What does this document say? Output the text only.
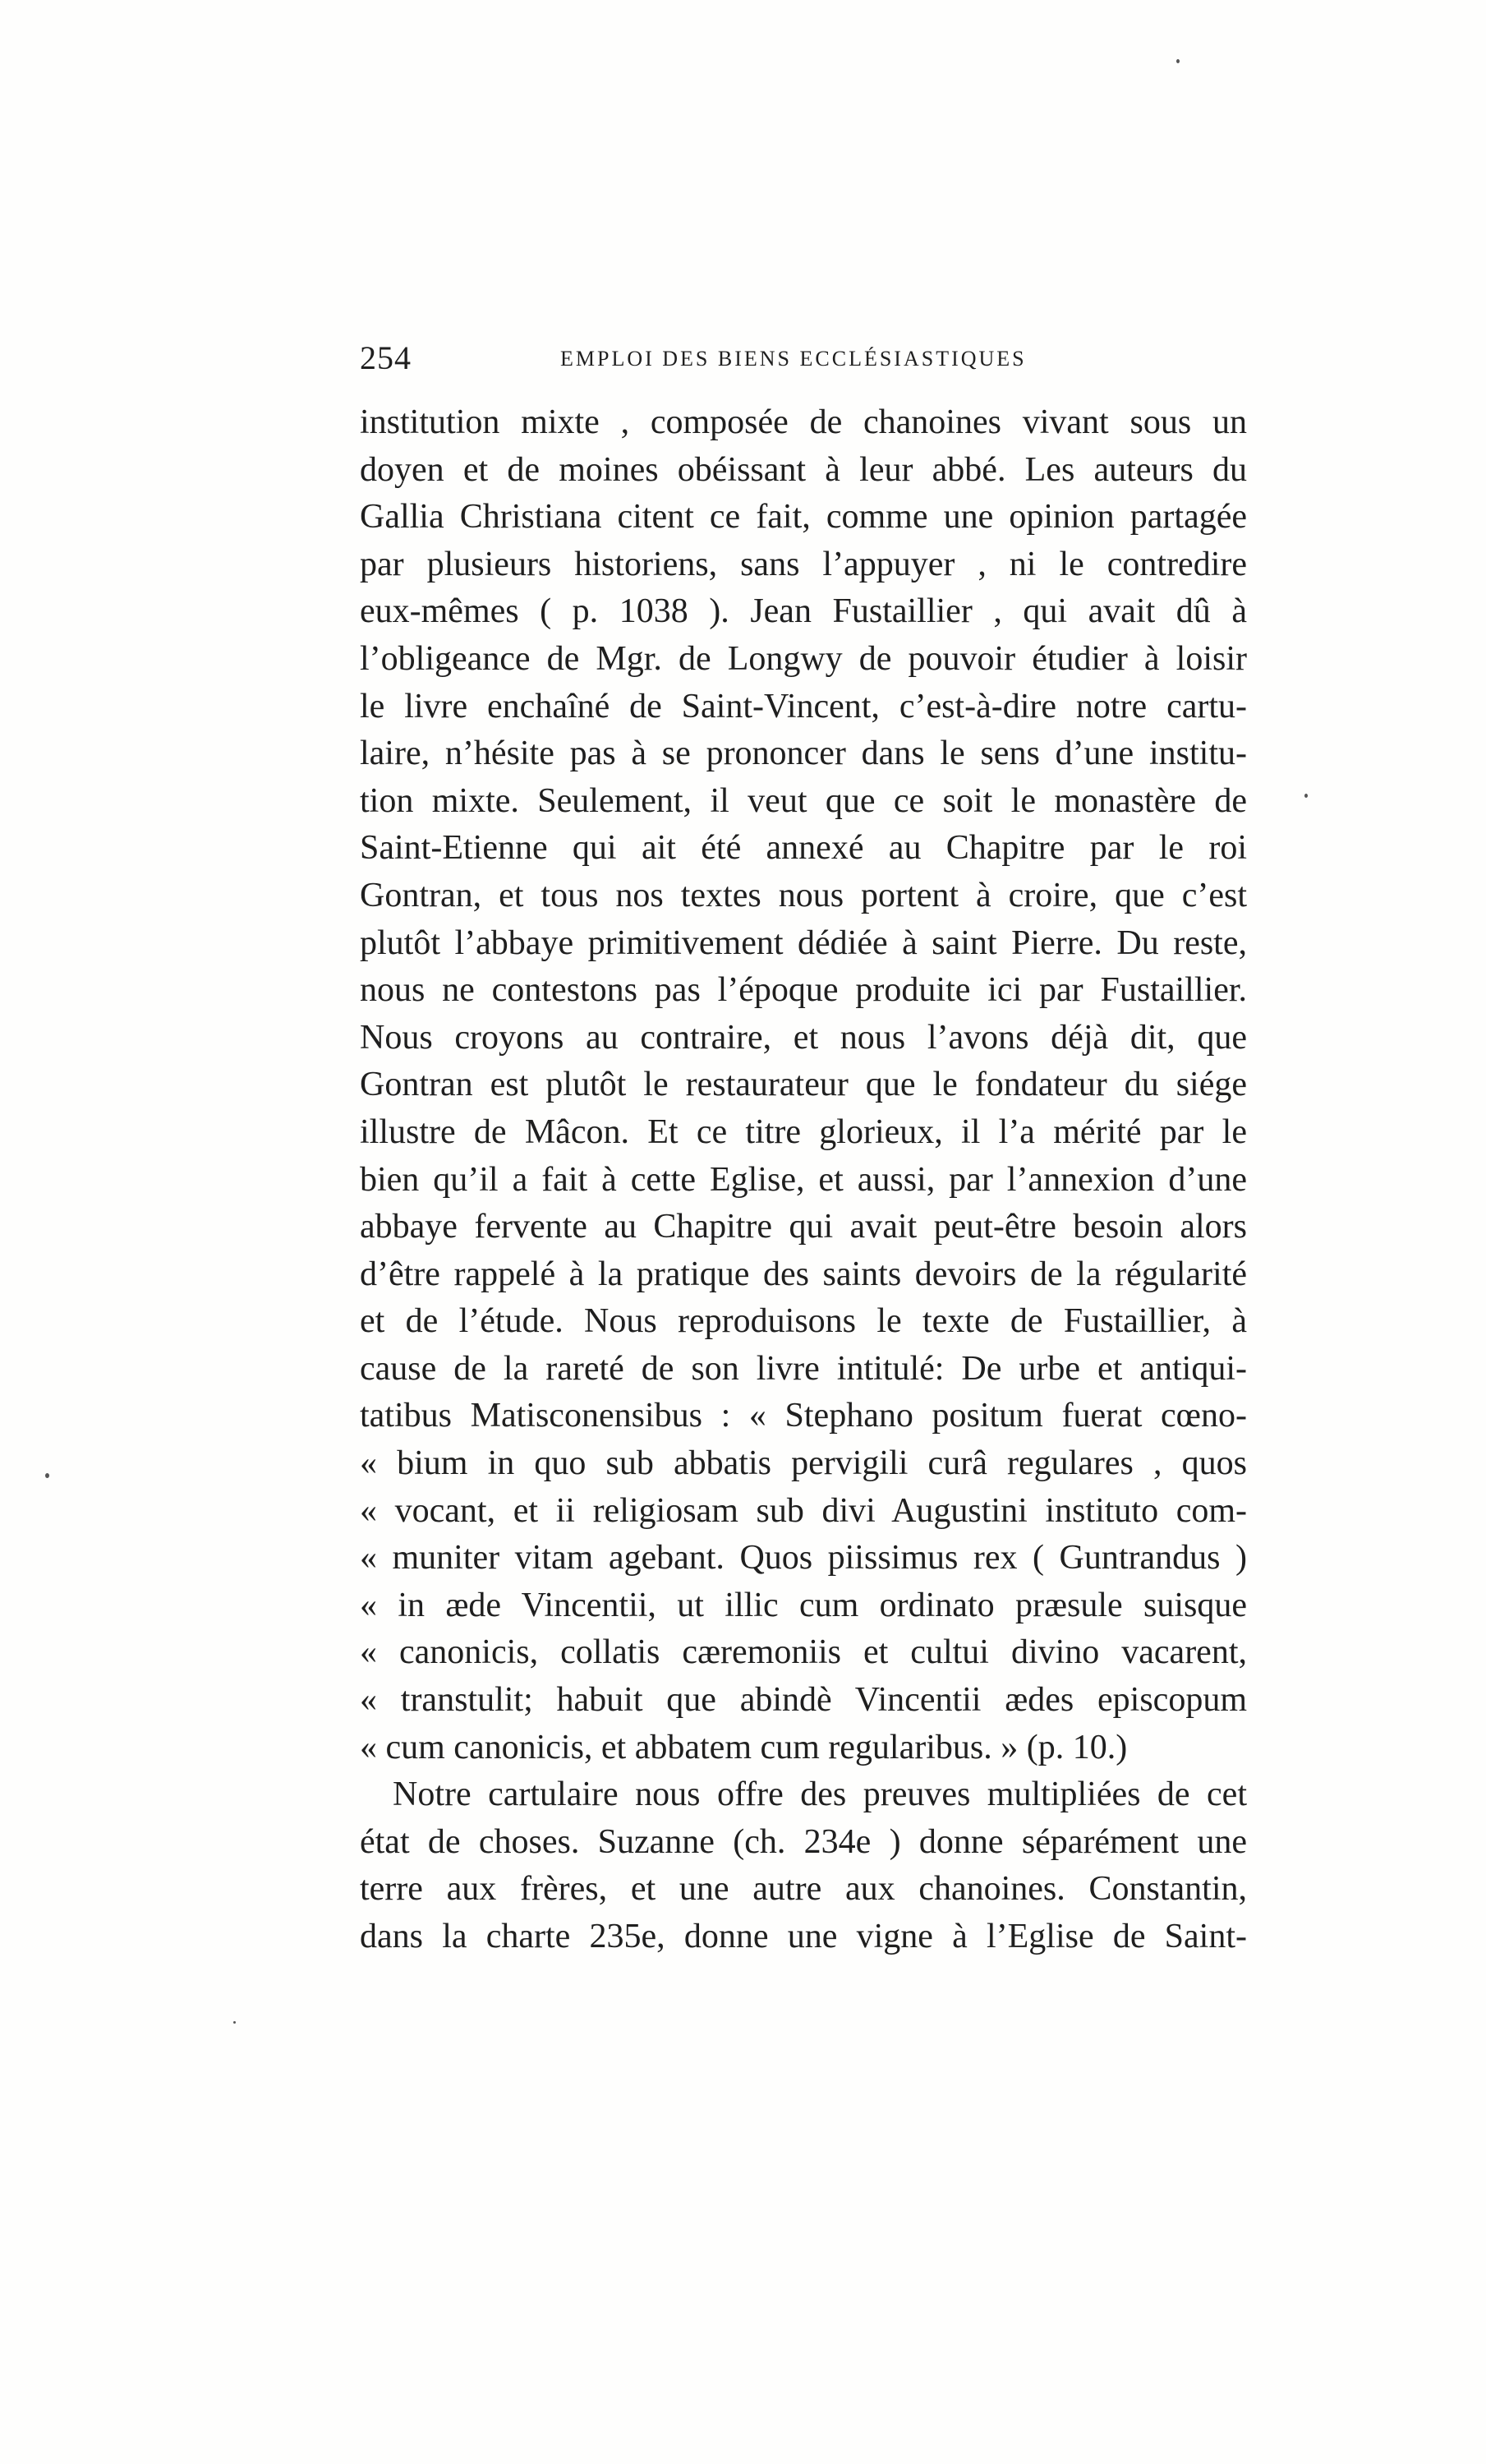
254	EMPLOI DES BIENS ECCLÉSIASTIQUES
institution mixte , composée de chanoines vivant sous un
doyen et de moines obéissant à leur abbé. Les auteurs du
Gallia Christiana citent ce fait, comme une opinion partagée
par plusieurs historiens, sans l’appuyer , ni le contredire
eux-mêmes ( p. 1038 ). Jean Fustaillier , qui avait dû à
l’obligeance de Mgr. de Longwy de pouvoir étudier à loisir
le livre enchaîné de Saint-Vincent, c’est-à-dire notre cartu-
laire, n’hésite pas à se prononcer dans le sens d’une institu-
tion mixte. Seulement, il veut que ce soit le monastère de
Saint-Etienne qui ait été annexé au Chapitre par le roi
Gontran, et tous nos textes nous portent à croire, que c’est
plutôt l’abbaye primitivement dédiée à saint Pierre. Du reste,
nous ne contestons pas l’époque produite ici par Fustaillier.
Nous croyons au contraire, et nous l’avons déjà dit, que
Gontran est plutôt le restaurateur que le fondateur du siége
illustre de Mâcon. Et ce titre glorieux, il l’a mérité par le
bien qu’il a fait à cette Eglise, et aussi, par l’annexion d’une
abbaye fervente au Chapitre qui avait peut-être besoin alors
d’être rappelé à la pratique des saints devoirs de la régularité
et de l’étude. Nous reproduisons le texte de Fustaillier, à
cause de la rareté de son livre intitulé: De urbe et antiqui-
tatibus Matisconensibus : « Stephano positum fuerat cœno-
« bium in quo sub abbatis pervigili curâ regulares , quos
« vocant, et ii religiosam sub divi Augustini instituto com-
« muniter vitam agebant. Quos piissimus rex ( Guntrandus )
« in æde Vincentii, ut illic cum ordinato præsule suisque
« canonicis, collatis cæremoniis et cultui divino vacarent,
« transtulit; habuit que abindè Vincentii ædes episcopum
« cum canonicis, et abbatem cum regularibus. » (p. 10.)
Notre cartulaire nous offre des preuves multipliées de cet
état de choses. Suzanne (ch. 234e ) donne séparément une
terre aux frères, et une autre aux chanoines. Constantin,
dans la charte 235e, donne une vigne à l’Eglise de Saint-
